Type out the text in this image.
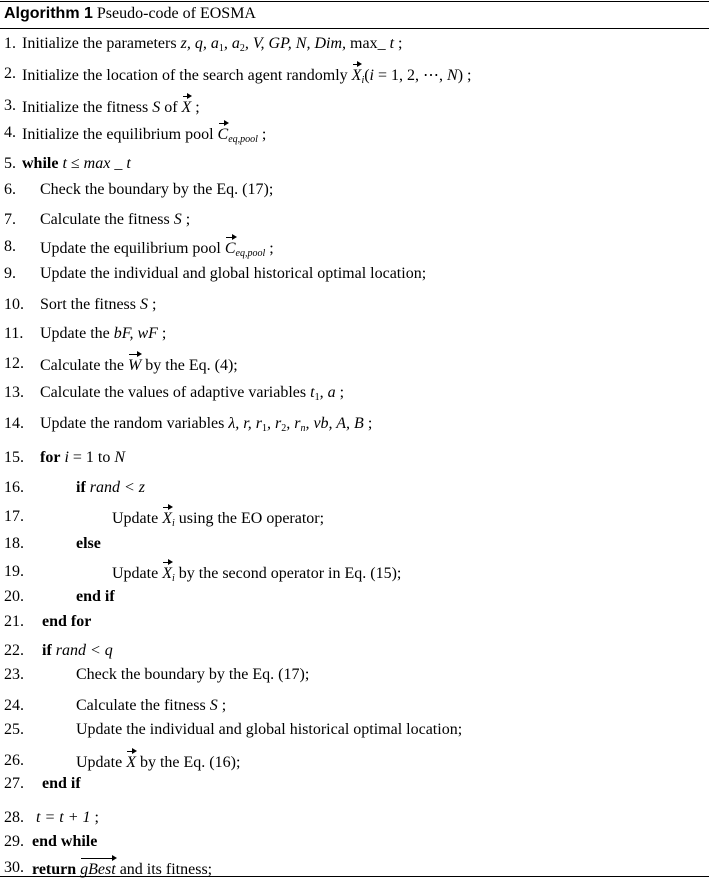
Algorithm 1 Pseudo-code of EOSMA
1. Initialize the parameters z, q, $a_1$, $a_2$, V, GP, N, Dim, max_ t ;
2. Initialize the location of the search agent randomly $X_i(i = 1$, 2, ⋯, N) ;
3. Initialize the fitness S of X ;
4. Initialize the equilibrium pool $C_{eq,pool}$ ;
5. while t ≤ max _ t
6. Check the boundary by the Eq. (17);
7. Calculate the fitness S ;
8. Update the equilibrium pool $C_{eq,pool}$ ;
9. Update the individual and global historical optimal location;
10. Sort the fitness S ;
11. Update the bF, wF ;
12. Calculate the W by the Eq. (4);
13. Calculate the values of adaptive variables $t_1$, a ;
14. Update the random variables λ, r, $r_1$, $r_2$, $r_n$, vb, A, B ;
15. for i = 1 to N
16.	if rand < z
17.	Update $X_i$ using the EO operator;
18.	else
19.	Update $X_i$ by the second operator in Eq. (15);
20.	end if
21. end for
22. if rand < q
23.	Check the boundary by the Eq. (17);
24.	Calculate the fitness S ;
25.	Update the individual and global historical optimal location;
26.	Update X by the Eq. (16);
27. end if
28. t = t + 1 ;
29. end while
30. return gBest and its fitness;
